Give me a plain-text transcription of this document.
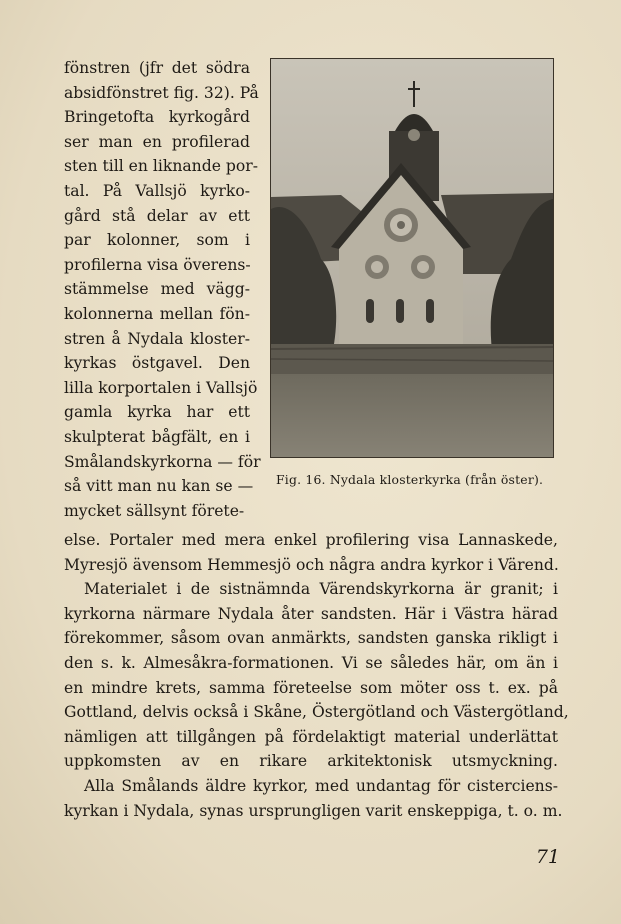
fönstren (jfr det södra
absidfönstret fig. 32). På
Bringetofta kyrkogård
ser man en profilerad
sten till en liknande por-
tal. På Vallsjö kyrko-
gård stå delar av ett
par kolonner, som i
profilerna visa överens-
stämmelse med vägg-
kolonnerna mellan fön-
stren å Nydala kloster-
kyrkas östgavel. Den
lilla korportalen i Vallsjö
gamla kyrka har ett
skulpterat bågfält, en i
Smålandskyrkorna — för
så vitt man nu kan se —
mycket sällsynt förete-
Fig. 16. Nydala klosterkyrka (från öster).
else. Portaler med mera enkel profilering visa Lannaskede,
Myresjö ävensom Hemmesjö och några andra kyrkor i Värend.
Materialet i de sistnämnda Värendskyrkorna är granit; i
kyrkorna närmare Nydala åter sandsten. Här i Västra härad
förekommer, såsom ovan anmärkts, sandsten ganska rikligt i
den s. k. Almesåkra-formationen. Vi se således här, om än i
en mindre krets, samma företeelse som möter oss t. ex. på
Gottland, delvis också i Skåne, Östergötland och Västergötland,
nämligen att tillgången på fördelaktigt material underlättat
uppkomsten av en rikare arkitektonisk utsmyckning.
Alla Smålands äldre kyrkor, med undantag för cisterciens-
kyrkan i Nydala, synas ursprungligen varit enskeppiga, t. o. m.
71
